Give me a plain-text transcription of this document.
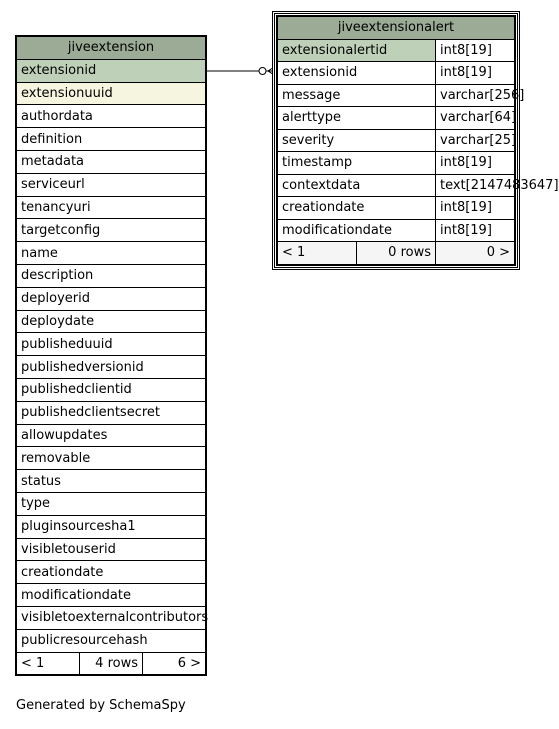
jiveextension
extensionid
extensionuuid
authordata
definition
metadata
serviceurl
tenancyuri
targetconfig
name
description
deployerid
deploydate
publisheduuid
publishedversionid
publishedclientid
publishedclientsecret
allowupdates
removable
status
type
pluginsourcesha1
visibletouserid
creationdate
modificationdate
visibletoexternalcontributors
publicresourcehash
< 1	4 rows	6 >
jiveextensionalert		
extensionalertid		int8[19]
extensionid		int8[19]
message		varchar[256]
alerttype		varchar[64]
severity		varchar[25]
timestamp		int8[19]
contextdata		text[2147483647]
creationdate		int8[19]
modificationdate		int8[19]
< 1	0 rows	0 >
Generated by SchemaSpy
